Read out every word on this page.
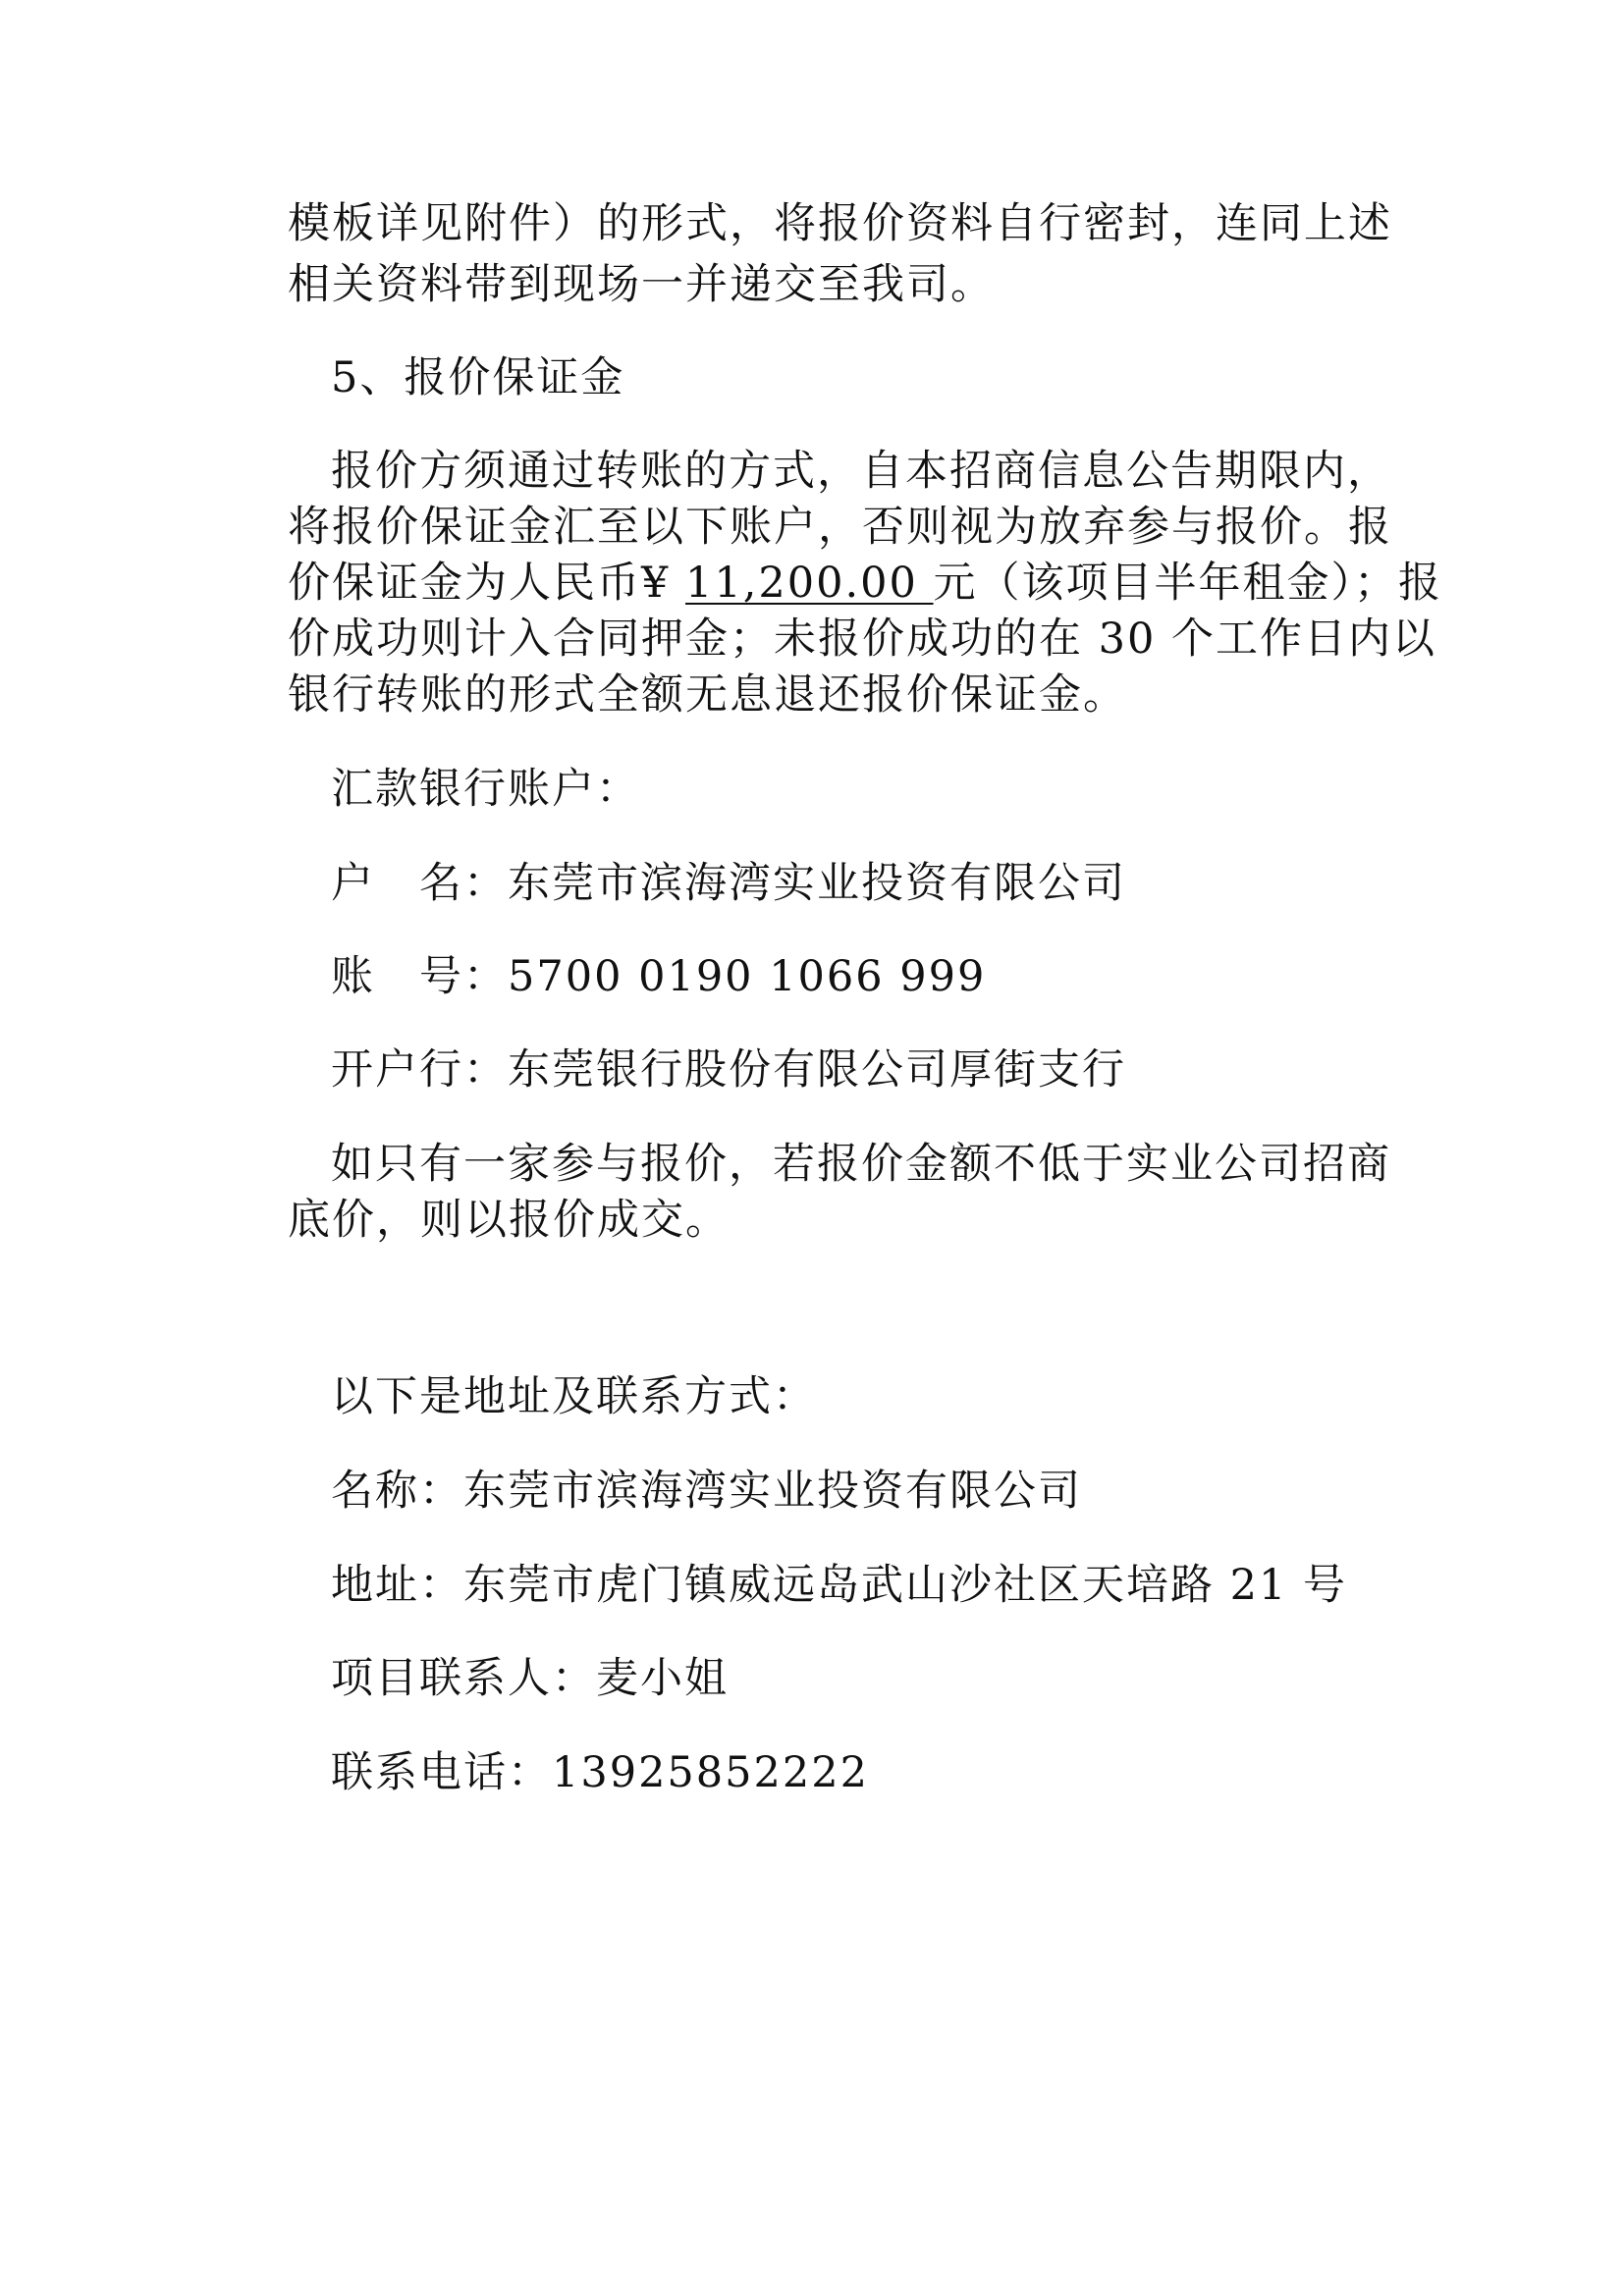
模板详见附件）的形式，将报价资料自行密封，连同上述
相关资料带到现场一并递交至我司。
5、报价保证金
报价方须通过转账的方式，自本招商信息公告期限内，
将报价保证金汇至以下账户，否则视为放弃参与报价。报
价保证金为人民币¥ 11,200.00 元（该项目半年租金）；报
价成功则计入合同押金；未报价成功的在 30 个工作日内以
银行转账的形式全额无息退还报价保证金。
汇款银行账户：
户　名：东莞市滨海湾实业投资有限公司
账　号：5700 0190 1066 999
开户行：东莞银行股份有限公司厚街支行
如只有一家参与报价，若报价金额不低于实业公司招商
底价，则以报价成交。
以下是地址及联系方式：
名称：东莞市滨海湾实业投资有限公司
地址：东莞市虎门镇威远岛武山沙社区天培路 21 号
项目联系人：麦小姐
联系电话：13925852222
